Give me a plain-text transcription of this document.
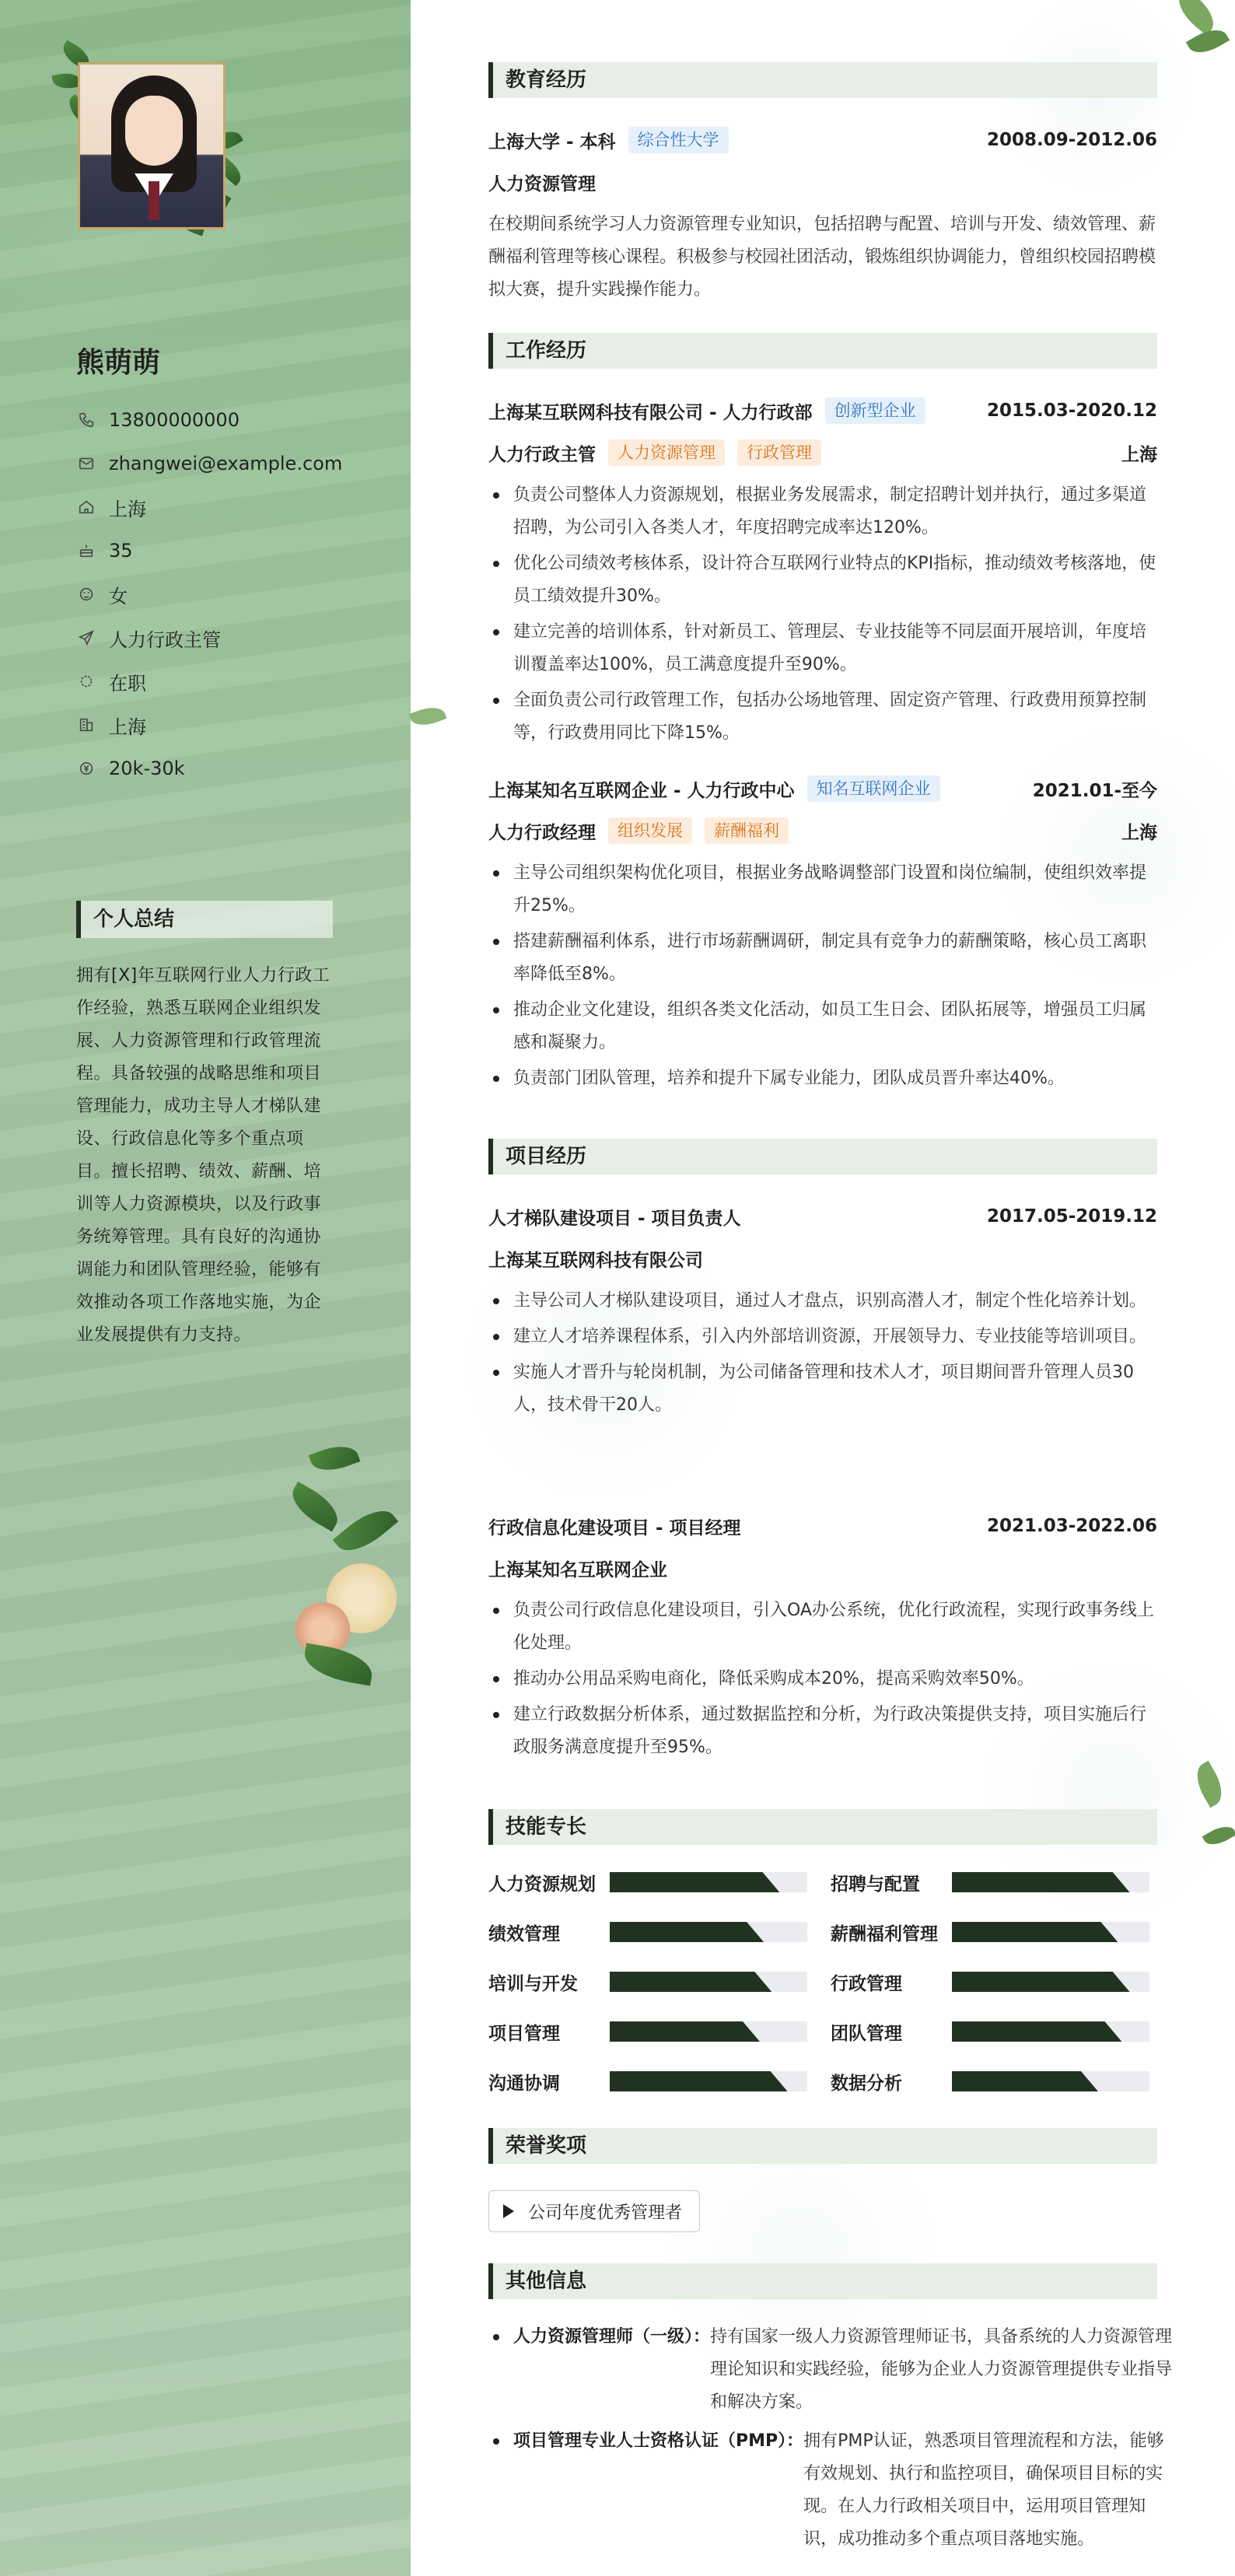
熊萌萌
13800000000
zhangwei@example.com
上海
35
女
人力行政主管
在职
上海
20k-30k
个人总结
拥有[X]年互联网行业人力行政工作经验，熟悉互联网企业组织发展、人力资源管理和行政管理流程。具备较强的战略思维和项目管理能力，成功主导人才梯队建设、行政信息化等多个重点项目。擅长招聘、绩效、薪酬、培训等人力资源模块，以及行政事务统筹管理。具有良好的沟通协调能力和团队管理经验，能够有效推动各项工作落地实施，为企业发展提供有力支持。
教育经历
上海大学 - 本科	综合性大学	2008.09-2012.06
人力资源管理
在校期间系统学习人力资源管理专业知识，包括招聘与配置、培训与开发、绩效管理、薪酬福利管理等核心课程。积极参与校园社团活动，锻炼组织协调能力，曾组织校园招聘模拟大赛，提升实践操作能力。
工作经历
上海某互联网科技有限公司 - 人力行政部	创新型企业	2015.03-2020.12
人力行政主管	人力资源管理	行政管理	上海
负责公司整体人力资源规划，根据业务发展需求，制定招聘计划并执行，通过多渠道招聘，为公司引入各类人才，年度招聘完成率达120%。
优化公司绩效考核体系，设计符合互联网行业特点的KPI指标，推动绩效考核落地，使员工绩效提升30%。
建立完善的培训体系，针对新员工、管理层、专业技能等不同层面开展培训，年度培训覆盖率达100%，员工满意度提升至90%。
全面负责公司行政管理工作，包括办公场地管理、固定资产管理、行政费用预算控制等，行政费用同比下降15%。
上海某知名互联网企业 - 人力行政中心	知名互联网企业	2021.01-至今
人力行政经理	组织发展	薪酬福利	上海
主导公司组织架构优化项目，根据业务战略调整部门设置和岗位编制，使组织效率提升25%。
搭建薪酬福利体系，进行市场薪酬调研，制定具有竞争力的薪酬策略，核心员工离职率降低至8%。
推动企业文化建设，组织各类文化活动，如员工生日会、团队拓展等，增强员工归属感和凝聚力。
负责部门团队管理，培养和提升下属专业能力，团队成员晋升率达40%。
项目经历
人才梯队建设项目 - 项目负责人	2017.05-2019.12
上海某互联网科技有限公司
主导公司人才梯队建设项目，通过人才盘点，识别高潜人才，制定个性化培养计划。
建立人才培养课程体系，引入内外部培训资源，开展领导力、专业技能等培训项目。
实施人才晋升与轮岗机制，为公司储备管理和技术人才，项目期间晋升管理人员30人，技术骨干20人。
行政信息化建设项目 - 项目经理	2021.03-2022.06
上海某知名互联网企业
负责公司行政信息化建设项目，引入OA办公系统，优化行政流程，实现行政事务线上化处理。
推动办公用品采购电商化，降低采购成本20%，提高采购效率50%。
建立行政数据分析体系，通过数据监控和分析，为行政决策提供支持，项目实施后行政服务满意度提升至95%。
技能专长
人力资源规划	招聘与配置
绩效管理	薪酬福利管理
培训与开发	行政管理
项目管理	团队管理
沟通协调	数据分析
荣誉奖项
公司年度优秀管理者
其他信息
人力资源管理师（一级）： 持有国家一级人力资源管理师证书，具备系统的人力资源管理理论知识和实践经验，能够为企业人力资源管理提供专业指导和解决方案。
项目管理专业人士资格认证（PMP）： 拥有PMP认证，熟悉项目管理流程和方法，能够有效规划、执行和监控项目，确保项目目标的实现。在人力行政相关项目中，运用项目管理知识，成功推动多个重点项目落地实施。
